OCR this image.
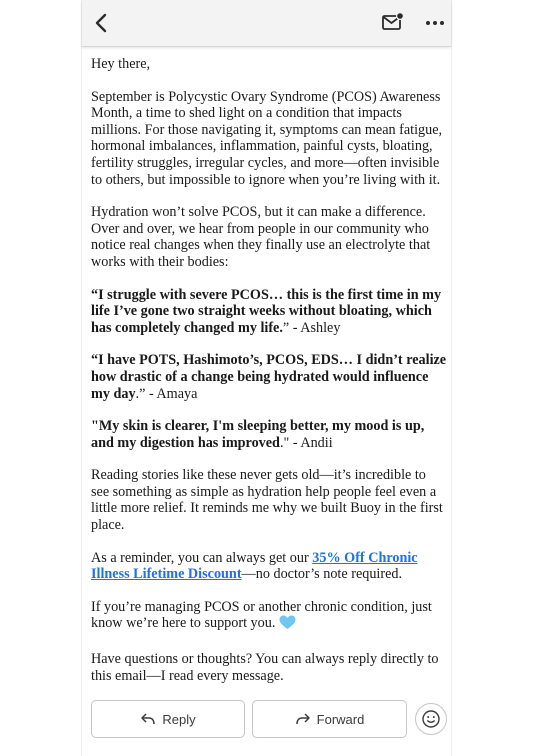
Hey there,

September is Polycystic Ovary Syndrome (PCOS) Awareness Month, a time to shed light on a condition that impacts millions. For those navigating it, symptoms can mean fatigue, hormonal imbalances, inflammation, painful cysts, bloating, fertility struggles, irregular cycles, and more—often invisible to others, but impossible to ignore when you’re living with it.

Hydration won’t solve PCOS, but it can make a difference. Over and over, we hear from people in our community who notice real changes when they finally use an electrolyte that works with their bodies:

“I struggle with severe PCOS… this is the first time in my life I’ve gone two straight weeks without bloating, which has completely changed my life.” - Ashley

“I have POTS, Hashimoto’s, PCOS, EDS… I didn’t realize how drastic of a change being hydrated would influence my day.” - Amaya

"My skin is clearer, I'm sleeping better, my mood is up, and my digestion has improved." - Andii

Reading stories like these never gets old—it’s incredible to see something as simple as hydration help people feel even a little more relief. It reminds me why we built Buoy in the first place.

As a reminder, you can always get our 35% Off Chronic Illness Lifetime Discount—no doctor’s note required.

If you’re managing PCOS or another chronic condition, just know we’re here to support you.

Have questions or thoughts? You can always reply directly to this email—I read every message.

Reply	Forward
